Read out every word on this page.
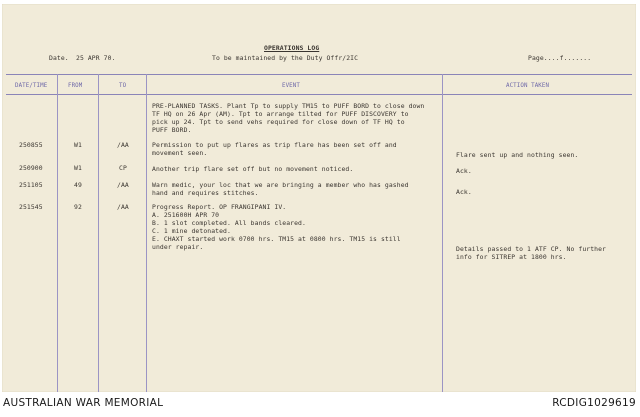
OPERATIONS LOG
Date. 25 APR 70.	To be maintained by the Duty Offr/2IC	Page....f.......
DATE/TIME	FROM	TO	EVENT	ACTION TAKEN
PRE-PLANNED TASKS. Plant Tp to supply TM15 to PUFF BORD to close down
TF HQ on 26 Apr (AM). Tpt to arrange tilted for PUFF DISCOVERY to
pick up 24. Tpt to send vehs required for close down of TF HQ to
PUFF BORD.
250855	W1	/AA	Permission to put up flares as trip flare has been set off and
movement seen.	Flare sent up and nothing seen.
250900	W1	CP	Another trip flare set off but no movement noticed.	Ack.
251105	49	/AA	Warn medic, your loc that we are bringing a member who has gashed
hand and requires stitches.	Ack.
251545	92	/AA	Progress Report. OP FRANGIPANI IV.
A. 251600H APR 70
B. 1 slot completed. All bands cleared.
C. 1 mine detonated.
E. CHAXT started work 0700 hrs. TM15 at 0800 hrs. TM15 is still
under repair.	Details passed to 1 ATF CP. No further
info for SITREP at 1800 hrs.
AUSTRALIAN WAR MEMORIAL	RCDIG1029619
